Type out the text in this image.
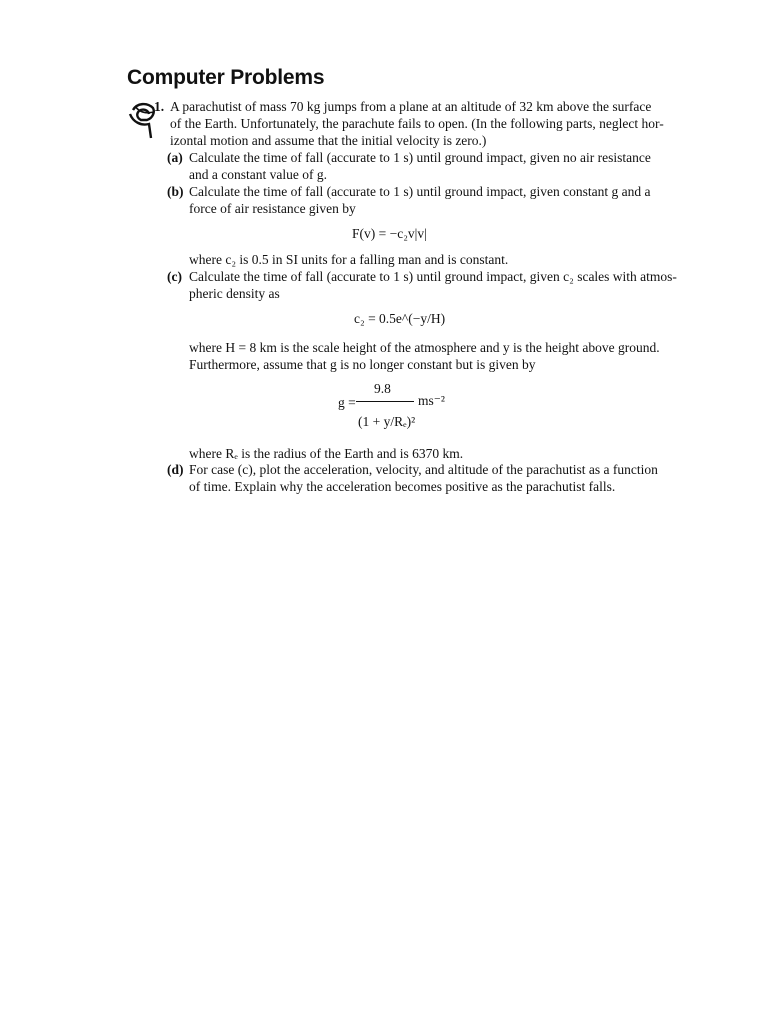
Computer Problems
1. A parachutist of mass 70 kg jumps from a plane at an altitude of 32 km above the surface

of the Earth. Unfortunately, the parachute fails to open. (In the following parts, neglect hor-

izontal motion and assume that the initial velocity is zero.)

(a) Calculate the time of fall (accurate to 1 s) until ground impact, given no air resistance

and a constant value of g.

(b) Calculate the time of fall (accurate to 1 s) until ground impact, given constant g and a

force of air resistance given by

F(v) = −c₂v|v|

where c₂ is 0.5 in SI units for a falling man and is constant.

(c) Calculate the time of fall (accurate to 1 s) until ground impact, given c₂ scales with atmos-

pheric density as

c₂ = 0.5e^(−y/H)

where H = 8 km is the scale height of the atmosphere and y is the height above ground.

Furthermore, assume that g is no longer constant but is given by

g =
9.8
(1 + y/Rₑ)²
ms⁻²

where Rₑ is the radius of the Earth and is 6370 km.

(d) For case (c), plot the acceleration, velocity, and altitude of the parachutist as a function

of time. Explain why the acceleration becomes positive as the parachutist falls.
